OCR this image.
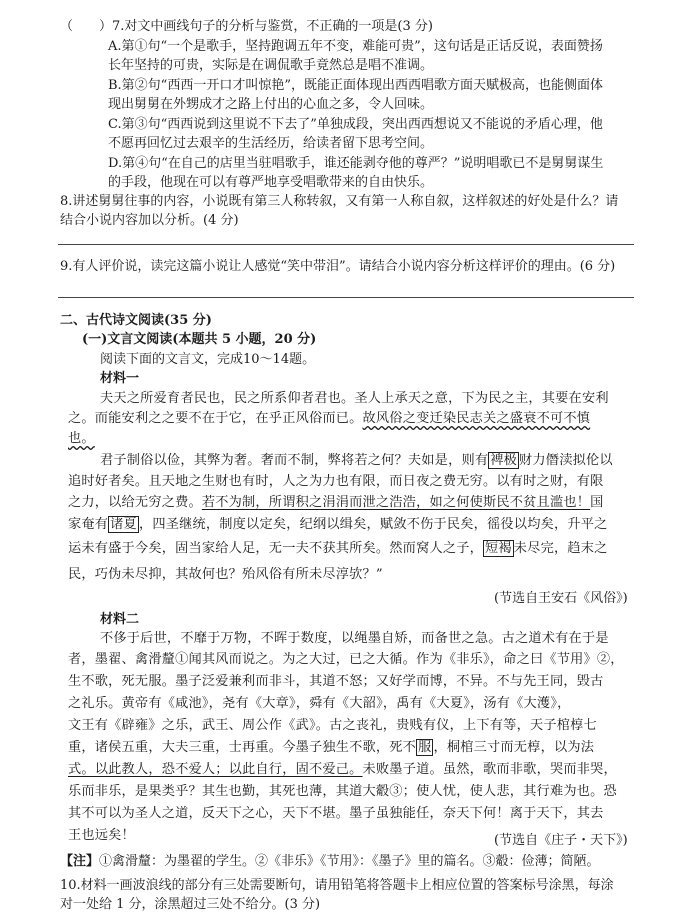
（　　）7.对文中画线句子的分析与鉴赏，不正确的一项是(3 分)
A.第①句“一个是歌手，坚持跑调五年不变，难能可贵”，这句话是正话反说，表面赞扬
长年坚持的可贵，实际是在调侃歌手竟然总是唱不准调。
B.第②句“西西一开口才叫惊艳”，既能正面体现出西西唱歌方面天赋极高，也能侧面体
现出舅舅在外甥成才之路上付出的心血之多，令人回味。
C.第③句“西西说到这里说不下去了”单独成段，突出西西想说又不能说的矛盾心理，他
不愿再回忆过去艰辛的生活经历，给读者留下思考空间。
D.第④句“在自己的店里当驻唱歌手，谁还能剥夺他的尊严？”说明唱歌已不是舅舅谋生
的手段，他现在可以有尊严地享受唱歌带来的自由快乐。
8.讲述舅舅往事的内容，小说既有第三人称转叙，又有第一人称自叙，这样叙述的好处是什么？请
结合小说内容加以分析。(4 分)
9.有人评价说，读完这篇小说让人感觉“笑中带泪”。请结合小说内容分析这样评价的理由。(6 分)
二、古代诗文阅读(35 分)
(一)文言文阅读(本题共 5 小题，20 分)
阅读下面的文言文，完成10～14题。
材料一
夫天之所爱育者民也，民之所系仰者君也。圣人上承天之意，下为民之主，其要在安利
之。而能安利之之要不在于它，在乎正风俗而已。故风俗之变迁染民志关之盛衰不可不慎
也。
君子制俗以俭，其弊为奢。奢而不制，弊将若之何？夫如是，则有 裨极 财力僭渎拟伦以
追时好者矣。且天地之生财也有时，人之为力也有限，而日夜之费无穷。以有时之财，有限
之力，以给无穷之费。若不为制，所谓积之涓涓而泄之浩浩，如之何使斯民不贫且滥也！国
家奄有 诸夏 ，四圣继统，制度以定矣，纪纲以缉矣，赋敛不伤于民矣，徭役以均矣，升平之
运未有盛于今矣，固当家给人足，无一夫不获其所矣。然而窝人之子， 短褐 未尽完，趋末之
民，巧伪未尽抑，其故何也？殆风俗有所未尽淳欤？”
(节选自王安石《风俗》)
材料二
不侈于后世，不靡于万物，不晖于数度，以绳墨自矫，而备世之急。古之道术有在于是
者，墨翟、禽滑釐①闻其风而说之。为之大过，已之大循。作为《非乐》，命之曰《节用》②，
生不歌，死无服。墨子泛爱兼利而非斗，其道不怒；又好学而博，不异。不与先王同，毁古
之礼乐。黄帝有《咸池》，尧有《大章》，舜有《大韶》，禹有《大夏》，汤有《大濩》，
文王有《辟雍》之乐，武王、周公作《武》。古之丧礼，贵贱有仪，上下有等，天子棺椁七
重，诸侯五重，大夫三重，士再重。今墨子独生不歌，死不 服 ，桐棺三寸而无椁，以为法
式。以此教人，恐不爱人；以此自行，固不爱己。未败墨子道。虽然，歌而非歌，哭而非哭，
乐而非乐，是果类乎？其生也勤，其死也薄，其道大觳③；使人忧，使人悲，其行难为也。恐
其不可以为圣人之道，反天下之心，天下不堪。墨子虽独能任，奈天下何！离于天下，其去
王也远矣！	(节选自《庄子・天下》)
【注】①禽滑釐：为墨翟的学生。②《非乐》《节用》：《墨子》里的篇名。③觳：俭薄；简陋。
10.材料一画波浪线的部分有三处需要断句，请用铅笔将答题卡上相应位置的答案标号涂黑，每涂
对一处给 1 分，涂黑超过三处不给分。(3 分)
